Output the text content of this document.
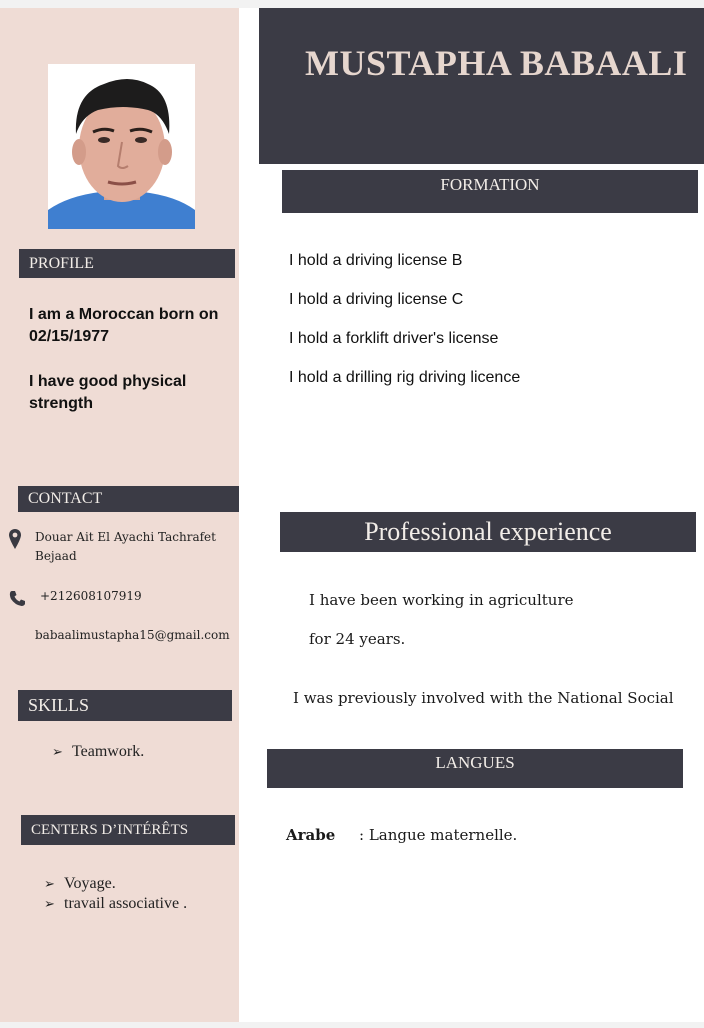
PROFILE
I am a Moroccan born on 02/15/1977
I have good physical strength
CONTACT
Douar Ait El Ayachi Tachrafet Bejaad
+212608107919
babaalimustapha15@gmail.com
SKILLS
➢ Teamwork.
CENTERS D’INTÉRÊTS
➢ Voyage.
➢ travail associative .
MUSTAPHA BABAALI
FORMATION
I hold a driving license B
I hold a driving license C
I hold a forklift driver's license
I hold a drilling rig driving licence
Professional experience
I have been working in agriculture
for 24 years.
I was previously involved with the National Social
LANGUES
Arabe : Langue maternelle.
